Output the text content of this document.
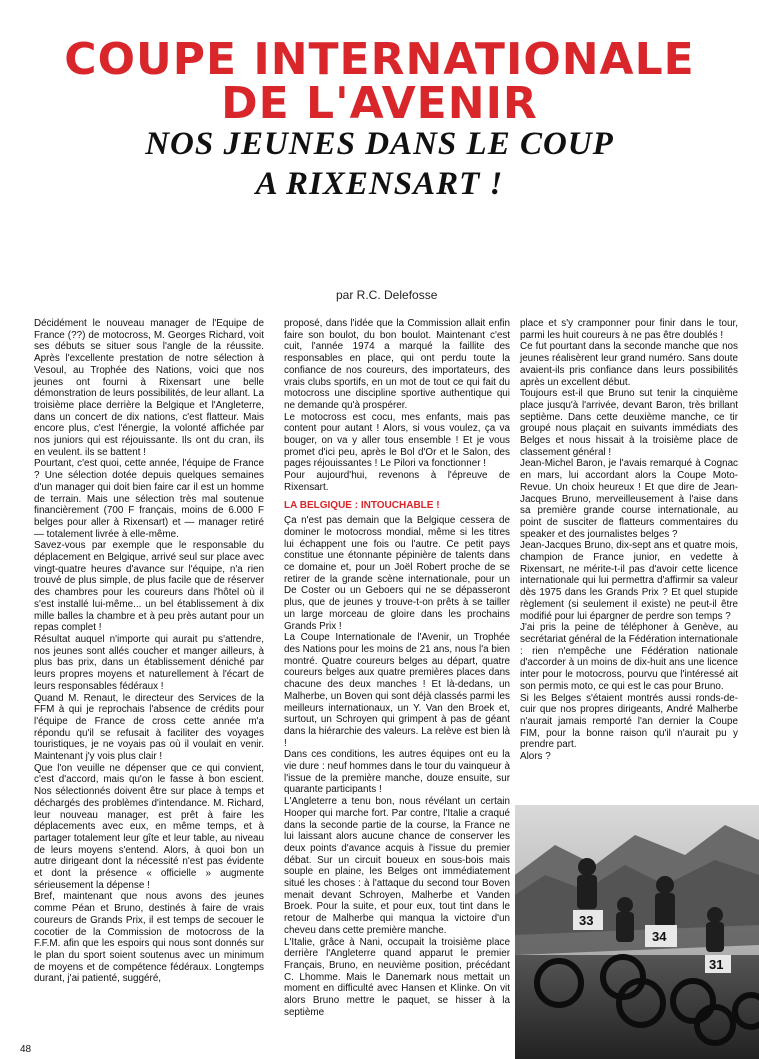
COUPE INTERNATIONALE
DE L'AVENIR
NOS JEUNES DANS LE COUP
A RIXENSART !
par R.C. Delefosse

Décidément le nouveau manager de l'Equipe de France (??) de motocross, M. Georges Richard, voit ses débuts se situer sous l'angle de la réussite. Après l'excellente prestation de notre sélection à Vesoul, au Trophée des Nations, voici que nos jeunes ont fourni à Rixensart une belle démonstration de leurs possibilités, de leur allant. La troisième place derrière la Belgique et l'Angleterre, dans un concert de dix nations, c'est flatteur. Mais encore plus, c'est l'énergie, la volonté affichée par nos juniors qui est réjouissante. Ils ont du cran, ils en veulent. ils se battent !

Pourtant, c'est quoi, cette année, l'équipe de France ? Une sélection dotée depuis quelques semaines d'un manager qui doit bien faire car il est un homme de terrain. Mais une sélection très mal soutenue financièrement (700 F français, moins de 6.000 F belges pour aller à Rixensart) et — manager retiré — totalement livrée à elle-même.

Savez-vous par exemple que le responsable du déplacement en Belgique, arrivé seul sur place avec vingt-quatre heures d'avance sur l'équipe, n'a rien trouvé de plus simple, de plus facile que de réserver des chambres pour les coureurs dans l'hôtel où il s'est installé lui-même... un bel établissement à dix mille balles la chambre et à peu près autant pour un repas complet !

Résultat auquel n'importe qui aurait pu s'attendre, nos jeunes sont allés coucher et manger ailleurs, à plus bas prix, dans un établissement déniché par leurs propres moyens et naturellement à l'écart de leurs responsables fédéraux !

Quand M. Renaut, le directeur des Services de la FFM à qui je reprochais l'absence de crédits pour l'équipe de France de cross cette année m'a répondu qu'il se refusait à faciliter des voyages touristiques, je ne voyais pas où il voulait en venir. Maintenant j'y vois plus clair !

Que l'on veuille ne dépenser que ce qui convient, c'est d'accord, mais qu'on le fasse à bon escient. Nos sélectionnés doivent être sur place à temps et déchargés des problèmes d'intendance. M. Richard, leur nouveau manager, est prêt à faire les déplacements avec eux, en même temps, et à partager totalement leur gîte et leur table, au niveau de leurs moyens s'entend. Alors, à quoi bon un autre dirigeant dont la nécessité n'est pas évidente et dont la présence « officielle » augmente sérieusement la dépense !

Bref, maintenant que nous avons des jeunes comme Péan et Bruno, destinés à faire de vrais coureurs de Grands Prix, il est temps de secouer le cocotier de la Commission de motocross de la F.F.M. afin que les espoirs qui nous sont donnés sur le plan du sport soient soutenus avec un minimum de moyens et de compétence fédéraux. Longtemps durant, j'ai patienté, suggéré,

proposé, dans l'idée que la Commission allait enfin faire son boulot, du bon boulot. Maintenant c'est cuit, l'année 1974 a marqué la faillite des responsables en place, qui ont perdu toute la confiance de nos coureurs, des importateurs, des vrais clubs sportifs, en un mot de tout ce qui fait du motocross une discipline sportive authentique qui ne demande qu'à prospérer.

Le motocross est cocu, mes enfants, mais pas content pour autant ! Alors, si vous voulez, ça va bouger, on va y aller tous ensemble ! Et je vous promet d'ici peu, après le Bol d'Or et le Salon, des pages réjouissantes ! Le Pilori va fonctionner !

Pour aujourd'hui, revenons à l'épreuve de Rixensart.

LA BELGIQUE : INTOUCHABLE !

Ça n'est pas demain que la Belgique cessera de dominer le motocross mondial, même si les titres lui échappent une fois ou l'autre. Ce petit pays constitue une étonnante pépinière de talents dans ce domaine et, pour un Joël Robert proche de se retirer de la grande scène internationale, pour un De Coster ou un Geboers qui ne se dépasseront plus, que de jeunes y trouve-t-on prêts à se tailler un large morceau de gloire dans les prochains Grands Prix !

La Coupe Internationale de l'Avenir, un Trophée des Nations pour les moins de 21 ans, nous l'a bien montré. Quatre coureurs belges au départ, quatre coureurs belges aux quatre premières places dans chacune des deux manches ! Et là-dedans, un Malherbe, un Boven qui sont déjà classés parmi les meilleurs internationaux, un Y. Van den Broek et, surtout, un Schroyen qui grimpent à pas de géant dans la hiérarchie des valeurs. La relève est bien là !

Dans ces conditions, les autres équipes ont eu la vie dure : neuf hommes dans le tour du vainqueur à l'issue de la première manche, douze ensuite, sur quarante participants !

L'Angleterre a tenu bon, nous révélant un certain Hooper qui marche fort. Par contre, l'Italie a craqué dans la seconde partie de la course, la France ne lui laissant alors aucune chance de conserver les deux points d'avance acquis à l'issue du premier débat. Sur un circuit boueux en sous-bois mais souple en plaine, les Belges ont immédiatement situé les choses : à l'attaque du second tour Boven menait devant Schroyen, Malherbe et Vanden Broek. Pour la suite, et pour eux, tout tint dans le retour de Malherbe qui manqua la victoire d'un cheveu dans cette première manche.

L'Italie, grâce à Nani, occupait la troisième place derrière l'Angleterre quand apparut le premier Français, Bruno, en neuvième position, précédant C. Lhomme. Mais le Danemark nous mettait un moment en difficulté avec Hansen et Klinke. On vit alors Bruno mettre le paquet, se hisser à la septième

place et s'y cramponner pour finir dans le tour, parmi les huit coureurs à ne pas être doublés !

Ce fut pourtant dans la seconde manche que nos jeunes réalisèrent leur grand numéro. Sans doute avaient-ils pris confiance dans leurs possibilités après un excellent début.

Toujours est-il que Bruno sut tenir la cinquième place jusqu'à l'arrivée, devant Baron, très brillant septième. Dans cette deuxième manche, ce tir groupé nous plaçait en suivants immédiats des Belges et nous hissait à la troisième place de classement général !

Jean-Michel Baron, je l'avais remarqué à Cognac en mars, lui accordant alors la Coupe Moto-Revue. Un choix heureux ! Et que dire de Jean-Jacques Bruno, merveilleusement à l'aise dans sa première grande course internationale, au point de susciter de flatteurs commentaires du speaker et des journalistes belges ?

Jean-Jacques Bruno, dix-sept ans et quatre mois, champion de France junior, en vedette à Rixensart, ne mérite-t-il pas d'avoir cette licence internationale qui lui permettra d'affirmir sa valeur dès 1975 dans les Grands Prix ? Et quel stupide règlement (si seulement il existe) ne peut-il être modifié pour lui épargner de perdre son temps ?

J'ai pris la peine de téléphoner à Genève, au secrétariat général de la Fédération internationale : rien n'empêche une Fédération nationale d'accorder à un moins de dix-huit ans une licence inter pour le motocross, pourvu que l'intéressé ait son permis moto, ce qui est le cas pour Bruno.

Si les Belges s'étaient montrés aussi ronds-de-cuir que nos propres dirigeants, André Malherbe n'aurait jamais remporté l'an dernier la Coupe FIM, pour la bonne raison qu'il n'aurait pu y prendre part.

Alors ?

33
34
31
48
